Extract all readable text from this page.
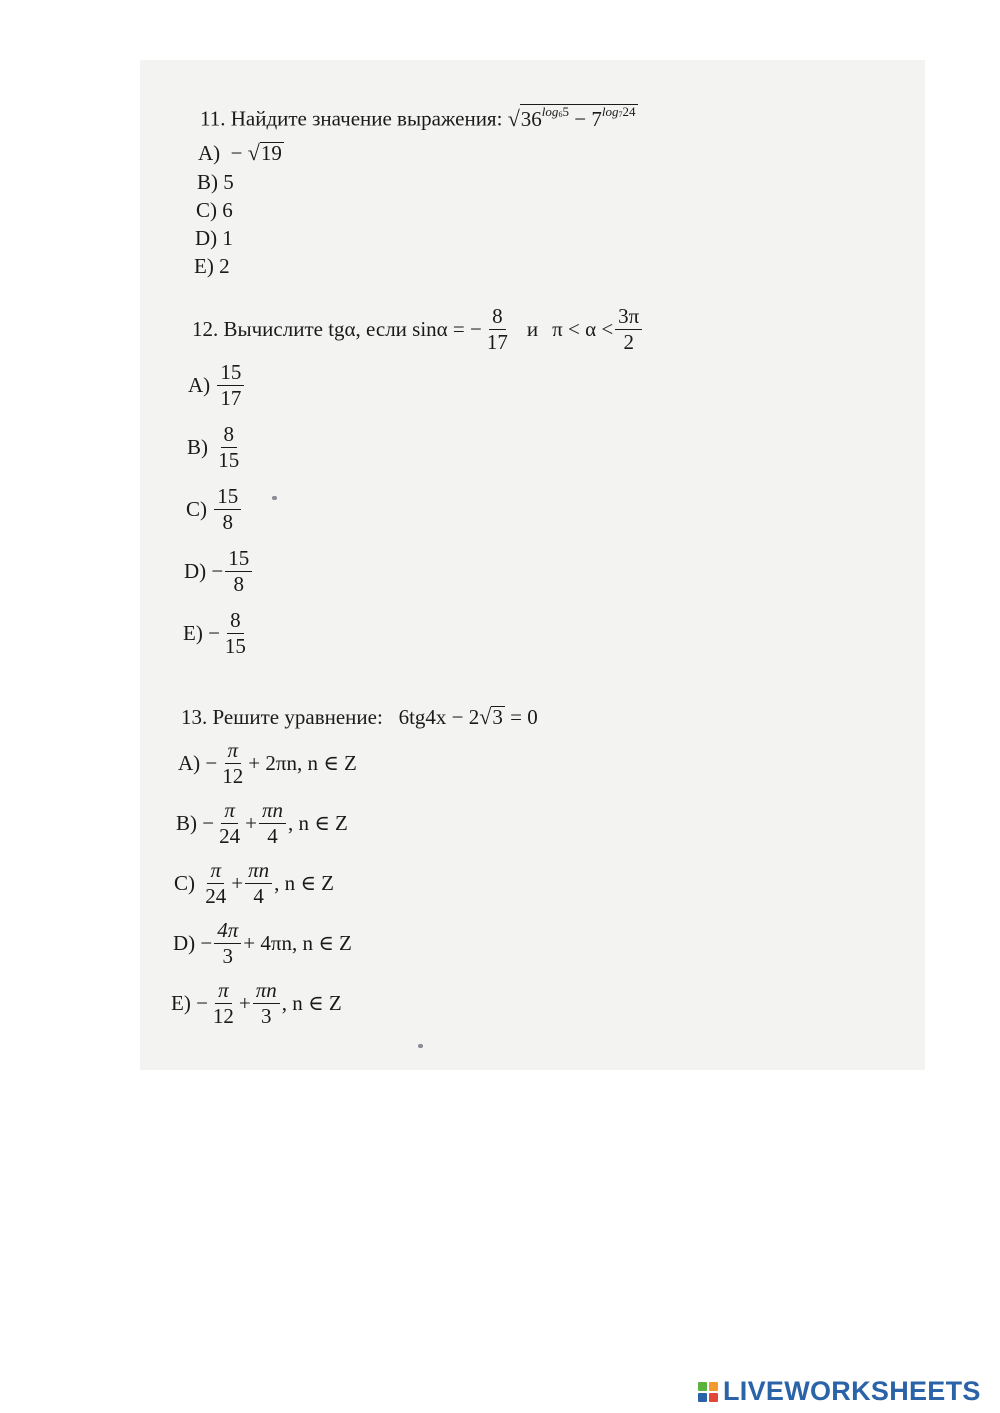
11. Найдите значение выражения: √ $36^{log_65} - 7^{log_724}$
A) − √ 19
B) 5
C) 6
D) 1
E) 2
12. Вычислите tgα, если sinα = − $\frac{8}{17}$ и $\pi < \alpha < \frac{3\pi}{2}$
A)
$\frac{15}{17}$
B)
$\frac{8}{15}$
C)
$\frac{15}{8}$
D)
− $\frac{15}{8}$
E)
− $\frac{8}{15}$
13. Решите уравнение: 6tg4x − 2 √ 3 = 0
A)
− $\frac{\pi}{12} + 2\pi n$, n ∈ Z
B)
− $\frac{\pi}{24} + \frac{\pi n}{4}$ , n ∈ Z
C)
$\frac{\pi}{24} + \frac{\pi n}{4}$ , n ∈ Z
D)
− $\frac{4\pi}{3} + 4\pi n$, n ∈ Z
E)
− $\frac{\pi}{12} + \frac{\pi n}{3}$ , n ∈ Z
LIVEWORKSHEETS
